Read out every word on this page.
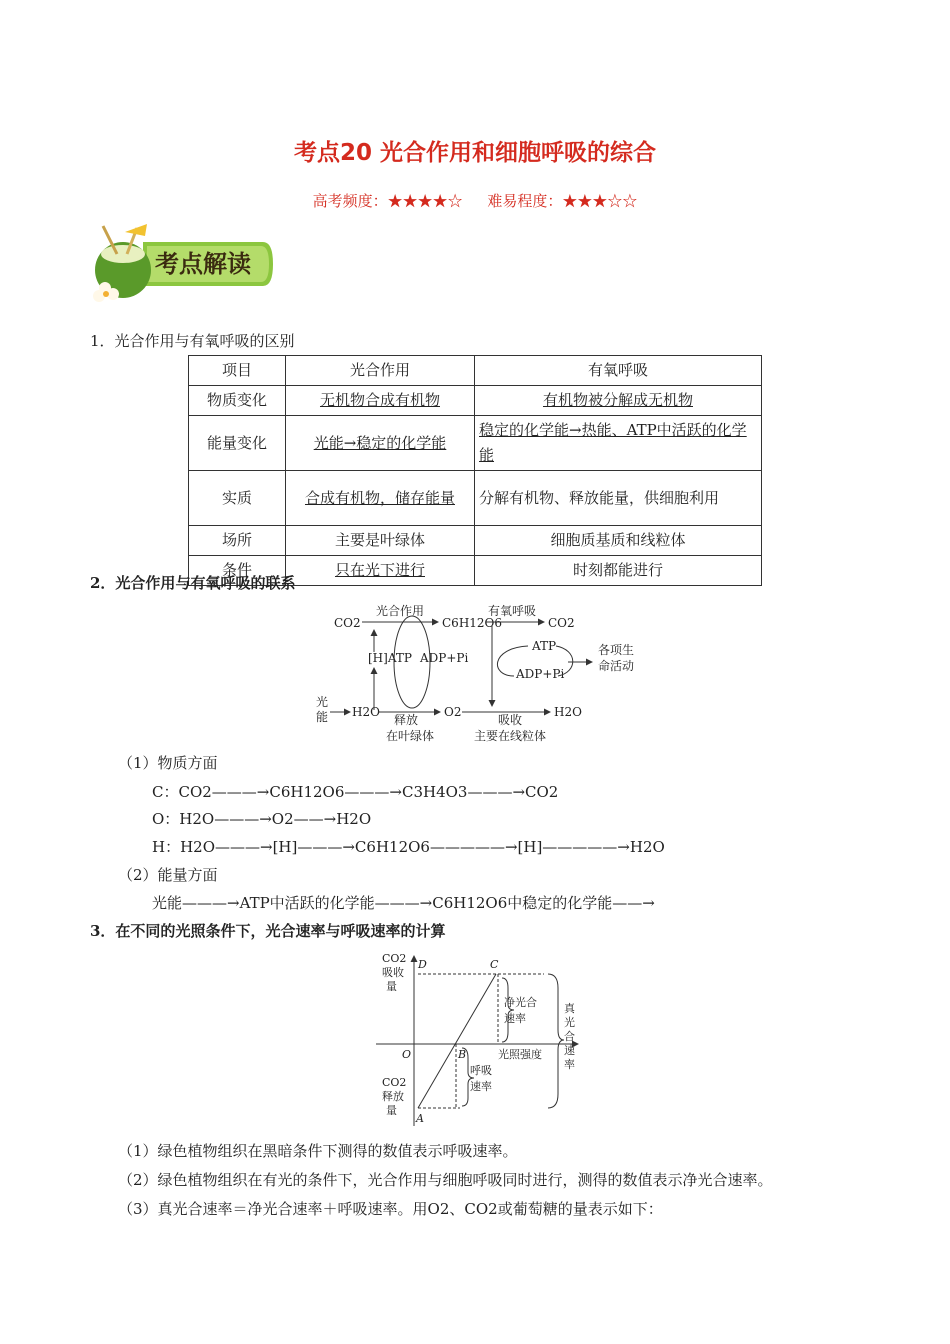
考点20 光合作用和细胞呼吸的综合
高考频度：★★★★☆ 难易程度：★★★☆☆
考点解读
1．光合作用与有氧呼吸的区别
项目	光合作用	有氧呼吸
物质变化	无机物合成有机物	有机物被分解成无机物
能量变化	光能→稳定的化学能	稳定的化学能→热能、ATP中活跃的化学能
实质	合成有机物，储存能量	分解有机物、释放能量，供细胞利用
场所	主要是叶绿体	细胞质基质和线粒体
条件	只在光下进行	时刻都能进行
2．光合作用与有氧呼吸的联系
CO2
光合作用
C6H12O6
有氧呼吸
CO2
[H]ATP ADP+Pi
ATP
ADP+Pi
各项生
命活动
光
能 H2O
释放
在叶绿体
O2
吸收
主要在线粒体
H2O
（1）物质方面
C：CO2———→C6H12O6———→C3H4O3———→CO2
O：H2O———→O2——→H2O
H：H2O———→[H]———→C6H12O6—————→[H]—————→H2O
（2）能量方面
光能———→ATP中活跃的化学能———→C6H12O6中稳定的化学能——→
3．在不同的光照条件下，光合速率与呼吸速率的计算
CO2
吸收
量
CO2
释放
量
D	C
O	B
A
净光合
速率
呼吸
速率
光照强度
真
光
合
速
率
（1）绿色植物组织在黑暗条件下测得的数值表示呼吸速率。
（2）绿色植物组织在有光的条件下，光合作用与细胞呼吸同时进行，测得的数值表示净光合速率。
（3）真光合速率＝净光合速率＋呼吸速率。用O2、CO2或葡萄糖的量表示如下：
